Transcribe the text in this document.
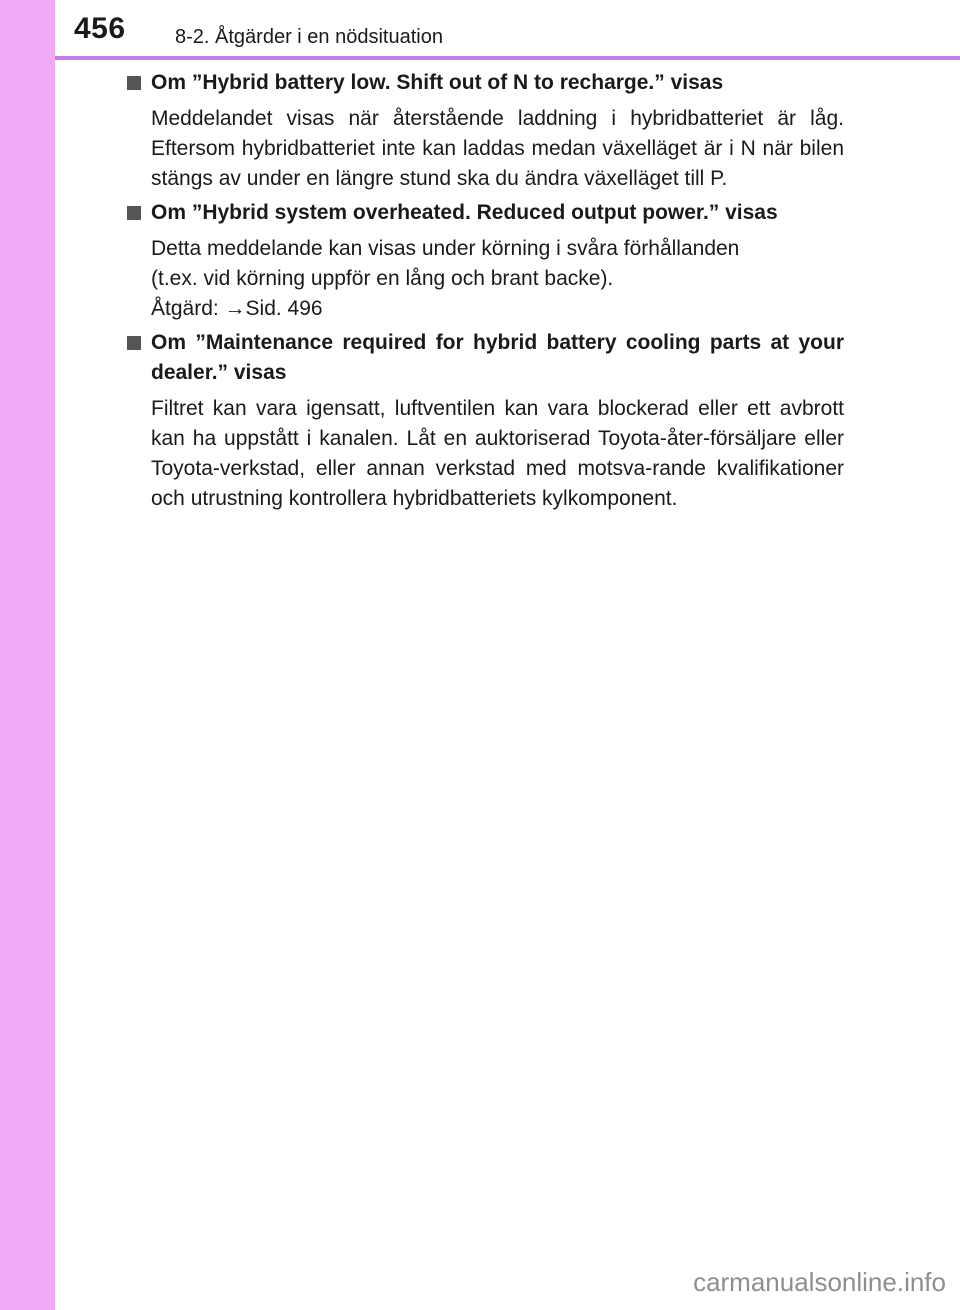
456 8-2. Åtgärder i en nödsituation
Om ”Hybrid battery low. Shift out of N to recharge.” visas
Meddelandet visas när återstående laddning i hybridbatteriet är låg. Eftersom hybridbatteriet inte kan laddas medan växelläget är i N när bilen stängs av under en längre stund ska du ändra växelläget till P.
Om ”Hybrid system overheated. Reduced output power.” visas
Detta meddelande kan visas under körning i svåra förhållanden
(t.ex. vid körning uppför en lång och brant backe).
Åtgärd: →Sid. 496
Om ”Maintenance required for hybrid battery cooling parts at your dealer.” visas
Filtret kan vara igensatt, luftventilen kan vara blockerad eller ett avbrott kan ha uppstått i kanalen. Låt en auktoriserad Toyota-åter-försäljare eller Toyota-verkstad, eller annan verkstad med motsva-rande kvalifikationer och utrustning kontrollera hybridbatteriets kylkomponent.
carmanualsonline.info
